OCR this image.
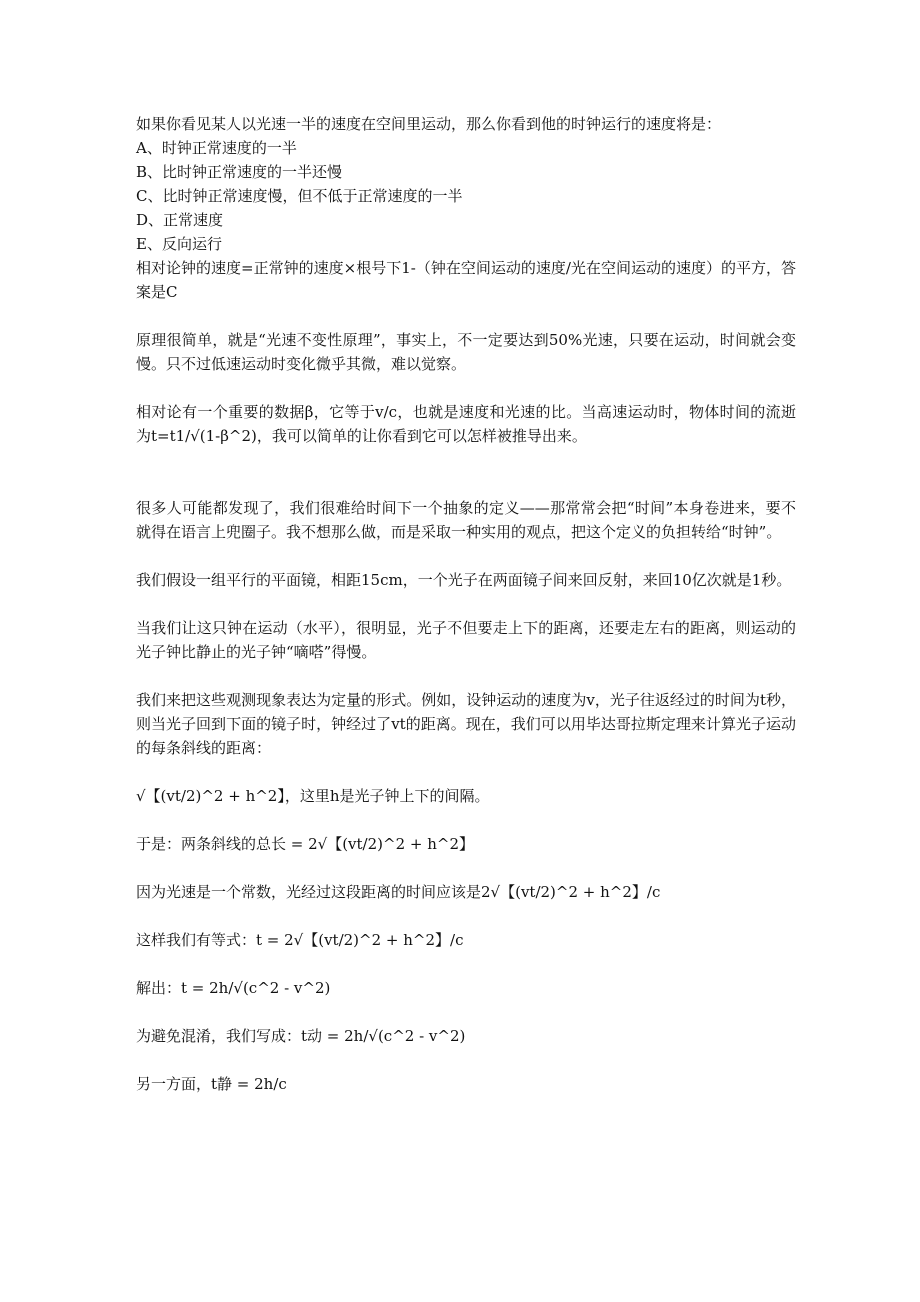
如果你看见某人以光速一半的速度在空间里运动，那么你看到他的时钟运行的速度将是：

A、时钟正常速度的一半

B、比时钟正常速度的一半还慢

C、比时钟正常速度慢，但不低于正常速度的一半

D、正常速度

E、反向运行

相对论钟的速度=正常钟的速度×根号下1-（钟在空间运动的速度/光在空间运动的速度）的平方，答案是C

原理很简单，就是“光速不变性原理”，事实上，不一定要达到50%光速，只要在运动，时间就会变慢。只不过低速运动时变化微乎其微，难以觉察。

相对论有一个重要的数据β，它等于v/c，也就是速度和光速的比。当高速运动时，物体时间的流逝为t=t1/√(1-β^2)，我可以简单的让你看到它可以怎样被推导出来。

很多人可能都发现了，我们很难给时间下一个抽象的定义——那常常会把“时间”本身卷进来，要不就得在语言上兜圈子。我不想那么做，而是采取一种实用的观点，把这个定义的负担转给“时钟”。

我们假设一组平行的平面镜，相距15cm，一个光子在两面镜子间来回反射，来回10亿次就是1秒。

当我们让这只钟在运动（水平），很明显，光子不但要走上下的距离，还要走左右的距离，则运动的光子钟比静止的光子钟“嘀嗒”得慢。

我们来把这些观测现象表达为定量的形式。例如，设钟运动的速度为v，光子往返经过的时间为t秒，则当光子回到下面的镜子时，钟经过了vt的距离。现在，我们可以用毕达哥拉斯定理来计算光子运动的每条斜线的距离：

√【(vt/2)^2 + h^2】，这里h是光子钟上下的间隔。

于是：两条斜线的总长 = 2√【(vt/2)^2 + h^2】

因为光速是一个常数，光经过这段距离的时间应该是2√【(vt/2)^2 + h^2】/c

这样我们有等式：t = 2√【(vt/2)^2 + h^2】/c

解出：t = 2h/√(c^2 - v^2)

为避免混淆，我们写成：t动 = 2h/√(c^2 - v^2)

另一方面，t静 = 2h/c
